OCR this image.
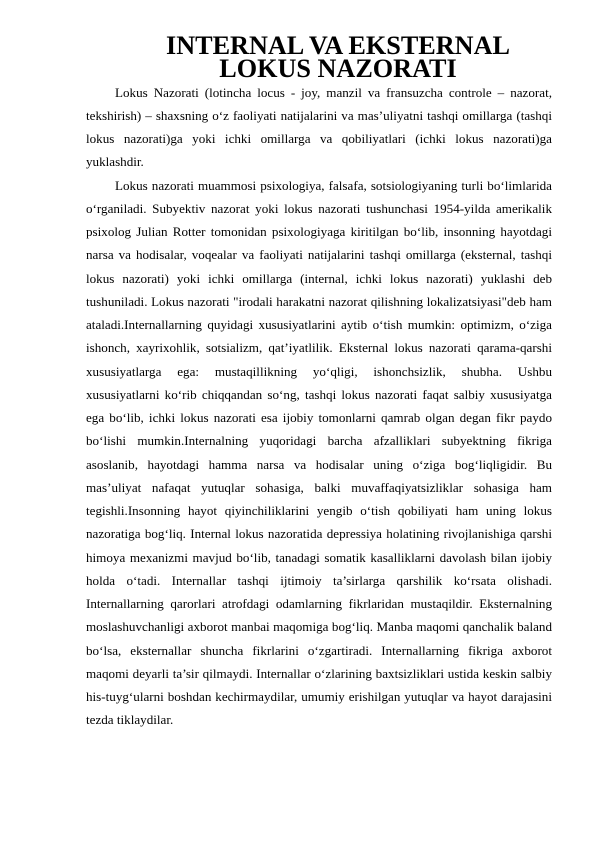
INTERNAL VA EKSTERNAL LOKUS NAZORATI

Lokus Nazorati (lotincha locus - joy, manzil va fransuzcha controle – nazorat, tekshirish) – shaxsning oʻz faoliyati natijalarini va mas’uliyatni tashqi omillarga (tashqi lokus nazorati)ga yoki ichki omillarga va qobiliyatlari (ichki lokus nazorati)ga yuklashdir.

Lokus nazorati muammosi psixologiya, falsafa, sotsiologiyaning turli boʻlimlarida oʻrganiladi. Subyektiv nazorat yoki lokus nazorati tushunchasi 1954-yilda amerikalik psixolog Julian Rotter tomonidan psixologiyaga kiritilgan boʻlib, insonning hayotdagi narsa va hodisalar, voqealar va faoliyati natijalarini tashqi omillarga (eksternal, tashqi lokus nazorati) yoki ichki omillarga (internal, ichki lokus nazorati) yuklashi deb tushuniladi. Lokus nazorati "irodali harakatni nazorat qilishning lokalizatsiyasi"deb ham ataladi.Internallarning quyidagi xususiyatlarini aytib oʻtish mumkin: optimizm, oʻziga ishonch, xayrixohlik, sotsializm, qat’iyatlilik. Eksternal lokus nazorati qarama-qarshi xususiyatlarga ega: mustaqillikning yoʻqligi, ishonchsizlik, shubha. Ushbu xususiyatlarni koʻrib chiqqandan soʻng, tashqi lokus nazorati faqat salbiy xususiyatga ega boʻlib, ichki lokus nazorati esa ijobiy tomonlarni qamrab olgan degan fikr paydo boʻlishi mumkin.Internalning yuqoridagi barcha afzalliklari subyektning fikriga asoslanib, hayotdagi hamma narsa va hodisalar uning oʻziga bogʻliqligidir. Bu mas’uliyat nafaqat yutuqlar sohasiga, balki muvaffaqiyatsizliklar sohasiga ham tegishli.Insonning hayot qiyinchiliklarini yengib oʻtish qobiliyati ham uning lokus nazoratiga bogʻliq. Internal lokus nazoratida depressiya holatining rivojlanishiga qarshi himoya mexanizmi mavjud boʻlib, tanadagi somatik kasalliklarni davolash bilan ijobiy holda oʻtadi. Internallar tashqi ijtimoiy ta’sirlarga qarshilik koʻrsata olishadi. Internallarning qarorlari atrofdagi odamlarning fikrlaridan mustaqildir. Eksternalning moslashuvchanligi axborot manbai maqomiga bogʻliq. Manba maqomi qanchalik baland boʻlsa, eksternallar shuncha fikrlarini oʻzgartiradi. Internallarning fikriga axborot maqomi deyarli ta’sir qilmaydi. Internallar oʻzlarining baxtsizliklari ustida keskin salbiy his-tuygʻularni boshdan kechirmaydilar, umumiy erishilgan yutuqlar va hayot darajasini tezda tiklaydilar.
